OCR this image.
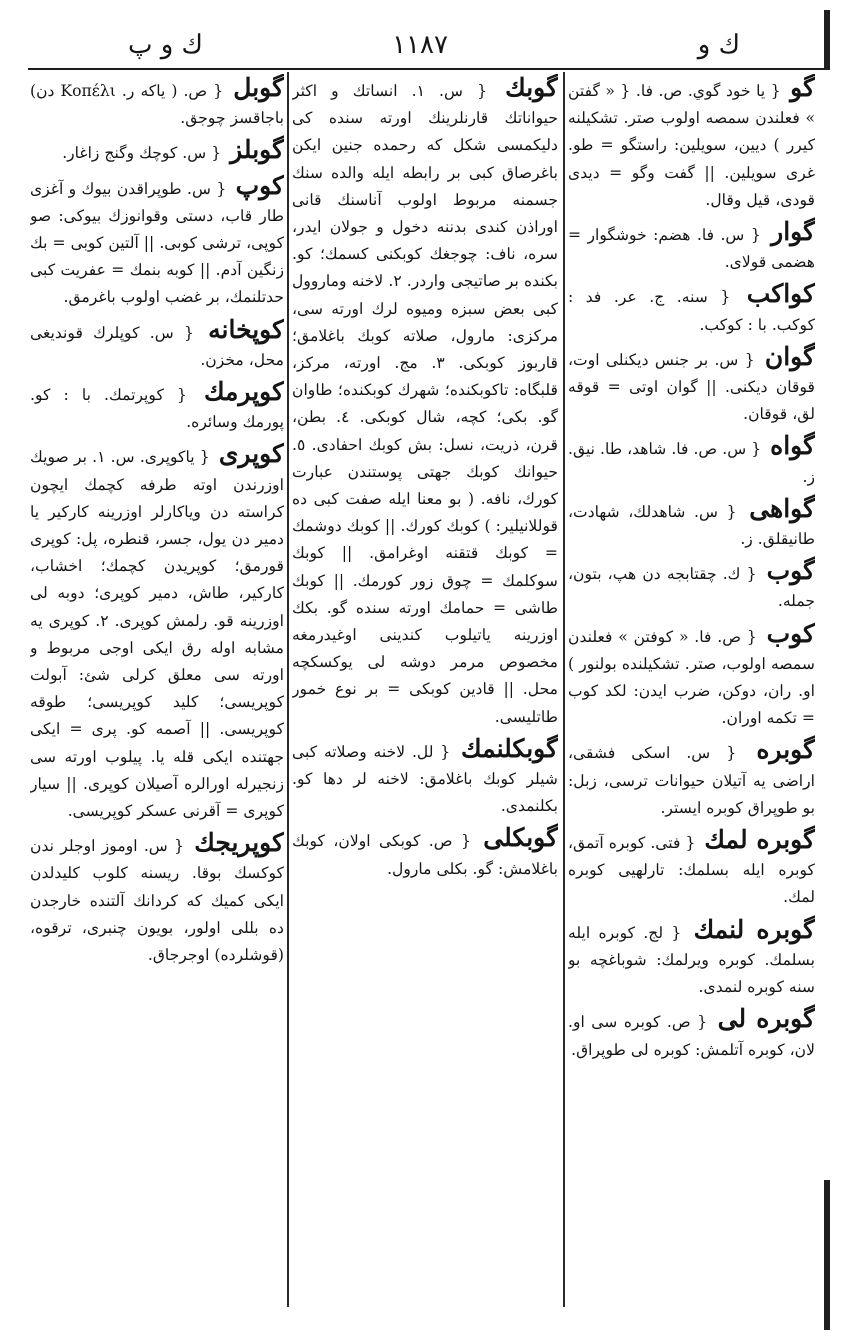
ك و پ	١١٨٧	ك و
گو { يا خود گوي. ص. فا. { « گفتن » فعلندن سمصه اولوب صتر. تشكيلنه كيرر ) ديين، سويلين: راستگو = طو. غرى سويلين. || گفت وگو = ديدى قودى، قيل وقال.
گوار { س. فا. هضم: خوشگوار = هضمى قولاى.
كواكب { سنه. ج. عر. فد : كوكب. با : كوكب.
گوان { س. بر جنس ديكنلى اوت، قوقان ديكنى. || گوان اوتى = قوقه لق، قوقان.
گواه { س. ص. فا. شاهد، طا. نيق. ز.
گواهى { س. شاهدلك، شهادت، طانيقلق. ز.
گوب { ك. چقتابجه دن هپ، بتون، جمله.
كوب { ص. فا. « كوفتن » فعلندن سمصه اولوب، صتر. تشكيلنده بولنور ) او. ران، دوكن، ضرب ايدن: لكد كوب = تكمه اوران.
گوبره { س. اسكى فشقى، اراضى يه آتيلان حيوانات ترسى، زبل: بو طوپراق كوبره ايستر.
گوبره لمك { فتى. كوبره آتمق، كوبره ايله بسلمك: تارلهيى كوبره لمك.
گوبره لنمك { لج. كوبره ايله بسلمك. كوبره ويرلمك: شوباغچه بو سنه كوبره لنمدى.
گوبره لى { ص. كوبره سى او. لان، كوبره آتلمش: كوبره لى طوپراق.
گوبك { س. ١. انساتك و اكثر حيواناتك قارنلرينك اورته سنده كى دليكمسى شكل كه رحمده جنين ايكن باغرصاق كبى بر رابطه ايله والده سنك جسمنه مربوط اولوب آناسنك قانى اوراذن كندى بدننه دخول و جولان ايدر، سره، ناف: چوجغك كوبكنى كسمك؛ كو. بكنده بر صاتيجى واردر. ٢. لاخنه وماروول كبى بعض سبزه وميوه لرك اورته سى، مركزى: مارول، صلاته كوبك باغلامق؛ قاربوز كوبكى. ٣. مج. اورته، مركز، قلبگاه: تاكوبكنده؛ شهرك كوبكنده؛ طاوان گو. بكى؛ كچه، شال كوبكى. ٤. بطن، قرن، ذريت، نسل: بش كوبك احفادى. ٥. حيوانك كوبك جهتى پوستندن عبارت كورك، نافه. ( بو معنا ايله صفت كبى ده قوللانيلير: ) كوبك كورك. || كوبك دوشمك = كوبك قتقنه اوغرامق. || كوبك سوكلمك = چوق زور كورمك. || كوبك طاشى = حمامك اورته سنده گو. بكك اوزرينه ياتيلوب كندينى اوغيدرمغه مخصوص مرمر دوشه لى يوكسكچه محل. || قادين كوبكى = بر نوع خمور طاتليسى.
گوبكلنمك { لل. لاخنه وصلاته كبى شيلر كوبك باغلامق: لاخنه لر دها كو. بكلنمدى.
گوبكلى { ص. كوبكى اولان، كوبك باغلامش: گو. بكلى مارول.
گوبل { ص. ( ياكه ر. Κοπέλι دن) باجاقسز چوجق.
گوبلز { س. كوچك وگنج زاغار.
كوپ { س. طوپراقدن بيوك و آغزى طار قاب، دستى وقوانوزك بيوكى: صو كوپى، ترشى كوبى. || آلتين كوبى = بك زنگين آدم. || كوبه بنمك = عفريت كبى حدتلنمك، بر غضب اولوب باغرمق.
كوپخانه { س. كوپلرك قونديغى محل، مخزن.
كوپرمك { كوپرتمك. با : كو. پورمك وسائره.
كوپرى { ياكوپرى. س. ١. بر صويك اوزرندن اوته طرفه كچمك ايچون كراسته دن وياكارلر اوزرينه كاركير يا دمير دن يول، جسر، قنطره، پل: كوپرى قورمق؛ كوپريدن كچمك؛ اخشاب، كاركير، طاش، دمير كوپرى؛ دوبه لى اوزرينه قو. رلمش كوپرى. ٢. كوپرى يه مشابه اوله رق ايكى اوجى مربوط و اورته سى معلق كرلى شئ: آبولت كوپريسى؛ كليد كوپريسى؛ طوقه كوپريسى. || آصمه كو. پرى = ايكى جهتنده ايكى قله يا. پيلوب اورته سى زنجيرله اورالره آصيلان كوپرى. || سيار كوپرى = آقرنى عسكر كوپريسى.
كوپريجك { س. اوموز اوجلر ندن كوكسك بوقا. ريسنه كلوب كليدلدن ايكى كميك كه كردانك آلتنده خارجدن ده بللى اولور، بويون چنبرى، ترقوه، (قوشلرده) اوجرجاق.
